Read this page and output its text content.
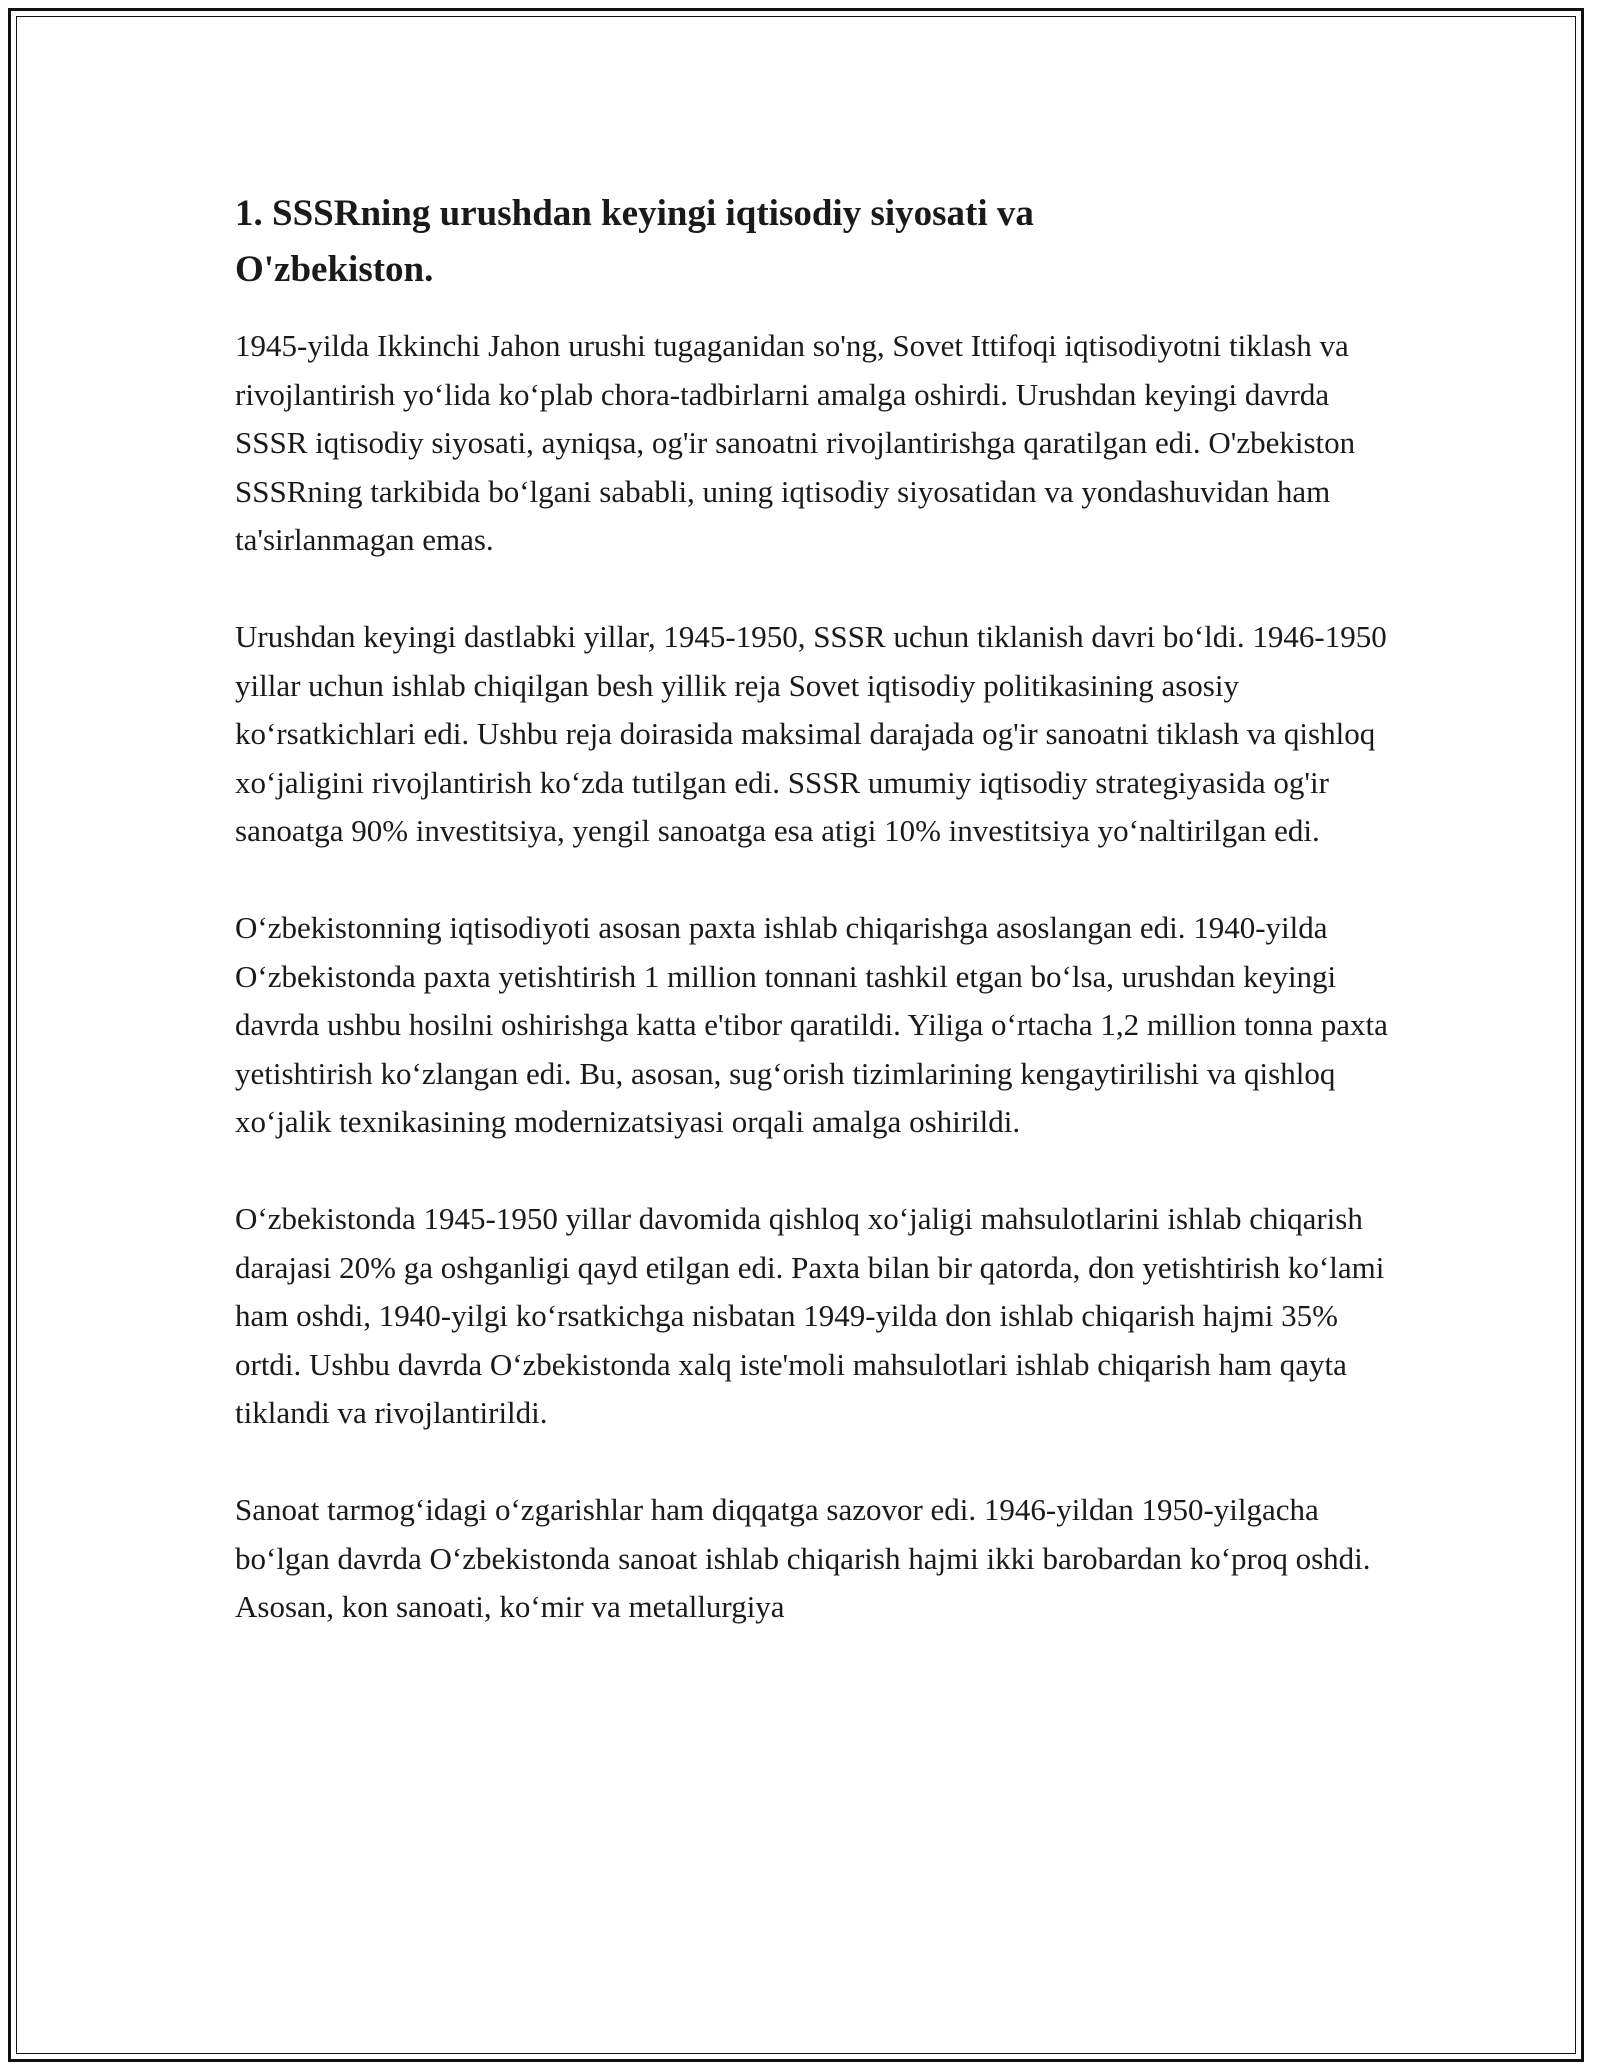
1. SSSRning urushdan keyingi iqtisodiy siyosati va O'zbekiston.
1945-yilda Ikkinchi Jahon urushi tugaganidan so'ng, Sovet Ittifoqi iqtisodiyotni tiklash va rivojlantirish yo‘lida ko‘plab chora-tadbirlarni amalga oshirdi. Urushdan keyingi davrda SSSR iqtisodiy siyosati, ayniqsa, og'ir sanoatni rivojlantirishga qaratilgan edi. O'zbekiston SSSRning tarkibida bo‘lgani sababli, uning iqtisodiy siyosatidan va yondashuvidan ham ta'sirlanmagan emas.
Urushdan keyingi dastlabki yillar, 1945-1950, SSSR uchun tiklanish davri bo‘ldi. 1946-1950 yillar uchun ishlab chiqilgan besh yillik reja Sovet iqtisodiy politikasining asosiy ko‘rsatkichlari edi. Ushbu reja doirasida maksimal darajada og'ir sanoatni tiklash va qishloq xo‘jaligini rivojlantirish ko‘zda tutilgan edi. SSSR umumiy iqtisodiy strategiyasida og'ir sanoatga 90% investitsiya, yengil sanoatga esa atigi 10% investitsiya yo‘naltirilgan edi.
O‘zbekistonning iqtisodiyoti asosan paxta ishlab chiqarishga asoslangan edi. 1940-yilda O‘zbekistonda paxta yetishtirish 1 million tonnani tashkil etgan bo‘lsa, urushdan keyingi davrda ushbu hosilni oshirishga katta e'tibor qaratildi. Yiliga o‘rtacha 1,2 million tonna paxta yetishtirish ko‘zlangan edi. Bu, asosan, sug‘orish tizimlarining kengaytirilishi va qishloq xo‘jalik texnikasining modernizatsiyasi orqali amalga oshirildi.
O‘zbekistonda 1945-1950 yillar davomida qishloq xo‘jaligi mahsulotlarini ishlab chiqarish darajasi 20% ga oshganligi qayd etilgan edi. Paxta bilan bir qatorda, don yetishtirish ko‘lami ham oshdi, 1940-yilgi ko‘rsatkichga nisbatan 1949-yilda don ishlab chiqarish hajmi 35% ortdi. Ushbu davrda O‘zbekistonda xalq iste'moli mahsulotlari ishlab chiqarish ham qayta tiklandi va rivojlantirildi.
Sanoat tarmog‘idagi o‘zgarishlar ham diqqatga sazovor edi. 1946-yildan 1950-yilgacha bo‘lgan davrda O‘zbekistonda sanoat ishlab chiqarish hajmi ikki barobardan ko‘proq oshdi. Asosan, kon sanoati, ko‘mir va metallurgiya
